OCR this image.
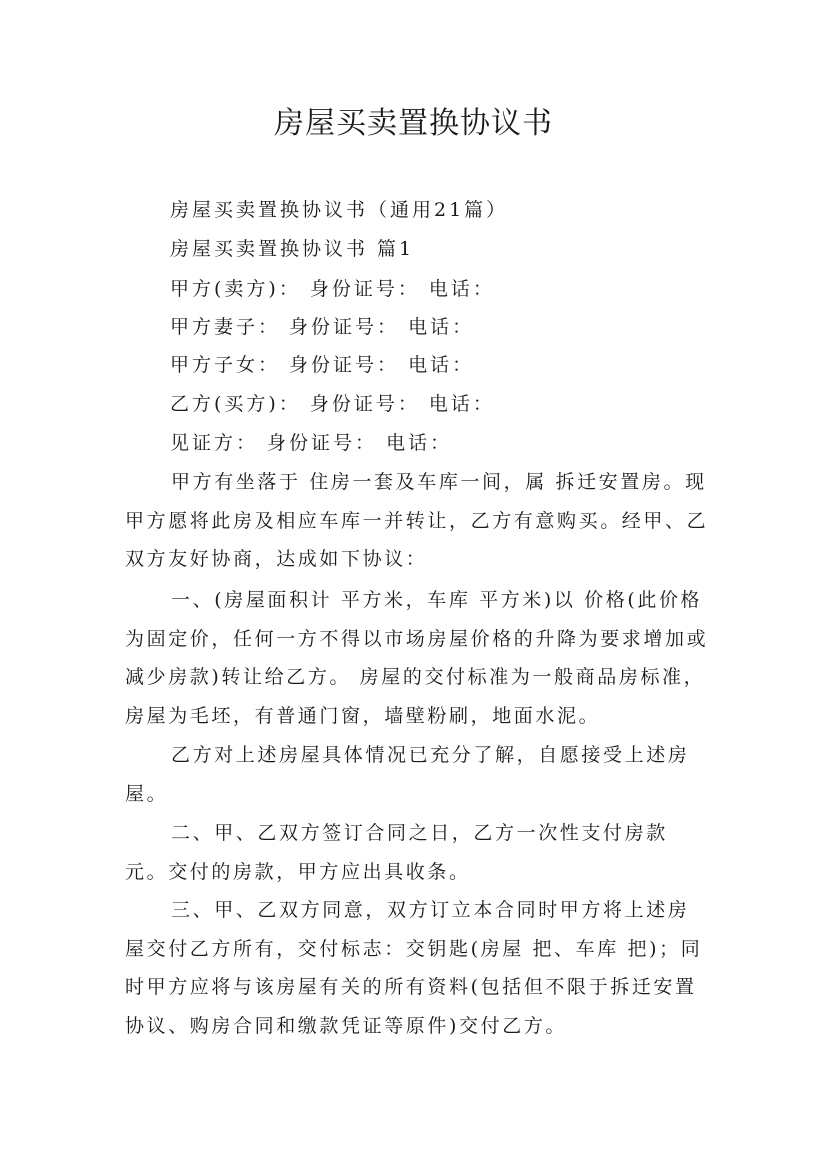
房屋买卖置换协议书
房屋买卖置换协议书（通用21篇）
房屋买卖置换协议书 篇1
甲方(卖方)： 身份证号： 电话：
甲方妻子： 身份证号： 电话：
甲方子女： 身份证号： 电话：
乙方(买方)： 身份证号： 电话：
见证方： 身份证号： 电话：

甲方有坐落于 住房一套及车库一间，属 拆迁安置房。现甲方愿将此房及相应车库一并转让，乙方有意购买。经甲、乙双方友好协商，达成如下协议：

一、(房屋面积计 平方米，车库 平方米)以 价格(此价格为固定价，任何一方不得以市场房屋价格的升降为要求增加或减少房款)转让给乙方。 房屋的交付标准为一般商品房标准，房屋为毛坯，有普通门窗，墙壁粉刷，地面水泥。

乙方对上述房屋具体情况已充分了解，自愿接受上述房屋。

二、甲、乙双方签订合同之日，乙方一次性支付房款 元。交付的房款，甲方应出具收条。

三、甲、乙双方同意，双方订立本合同时甲方将上述房屋交付乙方所有，交付标志：交钥匙(房屋 把、车库 把)；同时甲方应将与该房屋有关的所有资料(包括但不限于拆迁安置协议、购房合同和缴款凭证等原件)交付乙方。
